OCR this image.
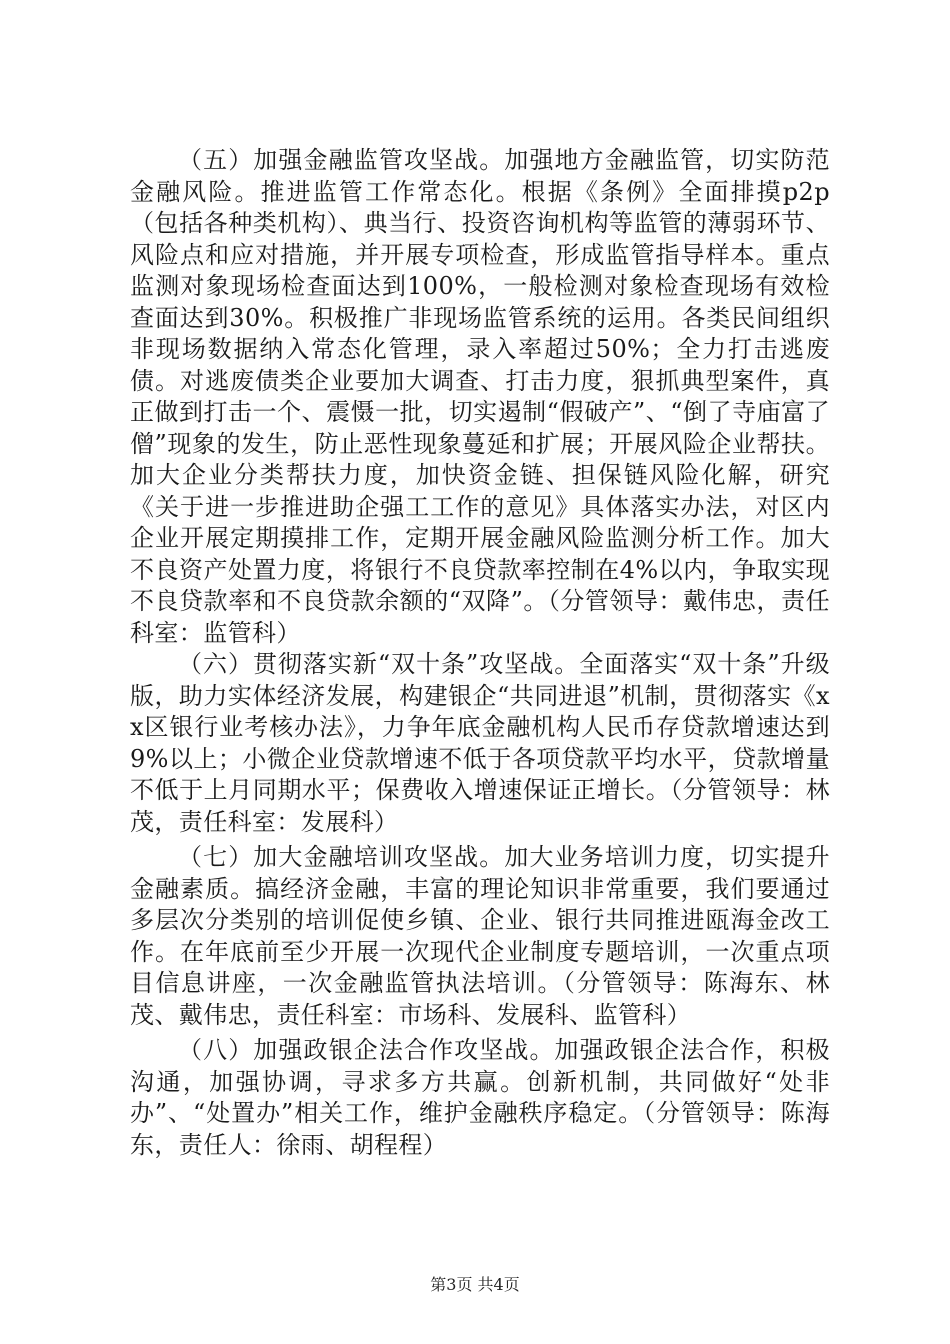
（五）加强金融监管攻坚战。加强地方金融监管，切实防范金融风险。推进监管工作常态化。根据《条例》全面排摸p2p（包括各种类机构）、典当行、投资咨询机构等监管的薄弱环节、风险点和应对措施，并开展专项检查，形成监管指导样本。重点监测对象现场检查面达到100%，一般检测对象检查现场有效检查面达到30%。积极推广非现场监管系统的运用。各类民间组织非现场数据纳入常态化管理，录入率超过50%；全力打击逃废债。对逃废债类企业要加大调查、打击力度，狠抓典型案件，真正做到打击一个、震慑一批，切实遏制“假破产”、“倒了寺庙富了僧”现象的发生，防止恶性现象蔓延和扩展；开展风险企业帮扶。加大企业分类帮扶力度，加快资金链、担保链风险化解，研究《关于进一步推进助企强工工作的意见》具体落实办法，对区内企业开展定期摸排工作，定期开展金融风险监测分析工作。加大不良资产处置力度，将银行不良贷款率控制在4%以内，争取实现不良贷款率和不良贷款余额的“双降”。（分管领导：戴伟忠，责任科室：监管科）

（六）贯彻落实新“双十条”攻坚战。全面落实“双十条”升级版，助力实体经济发展，构建银企“共同进退”机制，贯彻落实《xx区银行业考核办法》，力争年底金融机构人民币存贷款增速达到9%以上；小微企业贷款增速不低于各项贷款平均水平，贷款增量不低于上月同期水平；保费收入增速保证正增长。（分管领导：林茂，责任科室：发展科）

（七）加大金融培训攻坚战。加大业务培训力度，切实提升金融素质。搞经济金融，丰富的理论知识非常重要，我们要通过多层次分类别的培训促使乡镇、企业、银行共同推进瓯海金改工作。在年底前至少开展一次现代企业制度专题培训，一次重点项目信息讲座，一次金融监管执法培训。（分管领导：陈海东、林茂、戴伟忠，责任科室：市场科、发展科、监管科）

（八）加强政银企法合作攻坚战。加强政银企法合作，积极沟通，加强协调，寻求多方共赢。创新机制，共同做好“处非办”、“处置办”相关工作，维护金融秩序稳定。（分管领导：陈海东，责任人：徐雨、胡程程）

第3页 共4页
